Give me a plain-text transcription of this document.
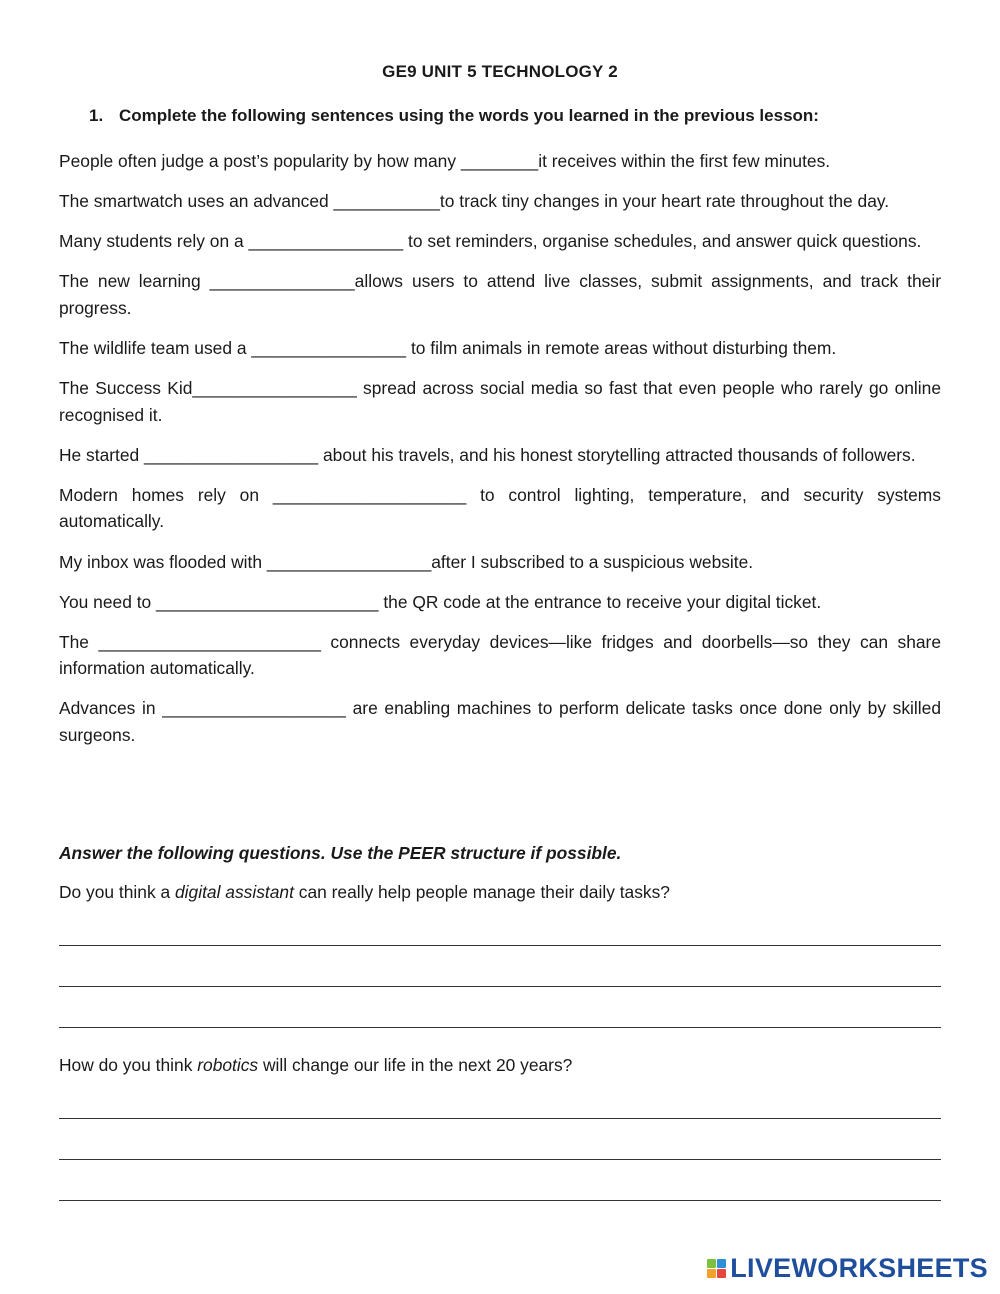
GE9 UNIT 5 TECHNOLOGY 2
1. Complete the following sentences using the words you learned in the previous lesson:

People often judge a post’s popularity by how many ________it receives within the first few minutes.

The smartwatch uses an advanced ___________to track tiny changes in your heart rate throughout the day.

Many students rely on a ________________ to set reminders, organise schedules, and answer quick questions.

The new learning _______________allows users to attend live classes, submit assignments, and track their progress.

The wildlife team used a ________________ to film animals in remote areas without disturbing them.

The Success Kid_________________ spread across social media so fast that even people who rarely go online recognised it.

He started __________________ about his travels, and his honest storytelling attracted thousands of followers.

Modern homes rely on ____________________ to control lighting, temperature, and security systems automatically.

My inbox was flooded with _________________after I subscribed to a suspicious website.

You need to _______________________ the QR code at the entrance to receive your digital ticket.

The _______________________ connects everyday devices—like fridges and doorbells—so they can share information automatically.

Advances in ___________________ are enabling machines to perform delicate tasks once done only by skilled surgeons.

Answer the following questions. Use the PEER structure if possible.

Do you think a digital assistant can really help people manage their daily tasks?

How do you think robotics will change our life in the next 20 years?

LIVEWORKSHEETS
